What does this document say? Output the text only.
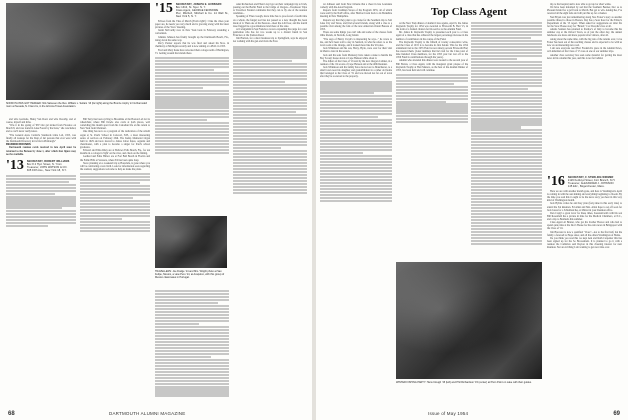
SNOW PLOWS GOT HEDGED: Nils Salvesen the Rev. William L. Sellars '13 (far right) along the Bronze trophy in his Ramsdell room at Nevada, N. Friend is, in the Arizona Travel Association.

and wife Gertrude, Henry Van Dorst and wife Dorothy, and of course, myself and Irma.

"Was it in the spring of '08? Our gal nicked from Florence on March 8, and was found in Lake Forest by the lions," she concluded, and so we'll never really know.

"The General Assn. Carnivle Standards Lime Lab, 1955, was finally all lookups for the Dept of All persons that ever were with the Dartmouth Directory in its life in Pittsburgh."

REUNION ROUNDS

Dartmouth reunion cards received in late April must be returned to the Bureau by June 1, after which that figure may not be available.

'13 SECRETARY, ROBERT WILLIAMS
Box 8 4 Hyd. Street, N. Yrsm
Treasurer, JOHN WATSON & CO.
305 Fifth Ave., New York 18, N.Y.

Bill Terry has been cycling to Brookline of the Boston Lab for its wheelchair, where Bill Dowle also cards at both places, well coinciding this month apart from his Canadian life on his return to New York from Montreal.

One thing has now as a program of the dedication of the rebuilt organ at St. Paul's School in Concord, N.H., a most interesting series of services on February 26th. The Kemp Memorial Organ built in 1929 and now moved to James Cabot Knox, organist and choirmaster, with a plan to become a singer for Paul's school graduates.

Edward and Edna Riley are at Bellows Falls Beach, Fla., for ten months in a cottage in 'tight' on the river, and check on the fishing.

Gerhard and Edna Hitlow are at Fort Ball Beach in Florida and the Eddie Hills at Sarasota, where Ed has been quite busy.

Steve planning on a weekend trip to Honolulu, is gone where you will be celebrating a new birth. Look for information soon regarding the reunion; suggestions welcome to help us make the plans.

'15 SECRETARY, JOSEPH E. HUBBARD
Box 1310, St. Nyer. N. Y.
Class Agent, GEORGE FENIMORE
Pier, Mitchell, Mitchell & Co. 14 Wall St., New York 5, N. Y.

Echoes from the Vine of March (Form right!): I like the vines your paper are, he needs you very much and is growing along with the latest pictures of the 'Stow' meeting.

Justin McCarthy now in New York back in February attending a convention.

Johnnie Johnson has finally brought up the Dartmouth Beach, Fla., doing down the same way.

Percy Presler reports that he was fired and asked his M.A. in chemistry at Michigan recently and is now aiming at a Ph.D. in 1955.

Fred and Mary Kane have relocated their cottage north of Burlington, Vt. Getting around the islands there.

TRAVELLERS: Joe Dodge '14 and Mrs. Wright photo at San Felipe, Mexico, a view Peru '14, at Acapulco, with this group of Mexico classmates in Portugal.

Alan Richardson and Ellen Lloyd got on their campaign trip to Utah, passing out the Berlin Fund to the bridge of Oregon—Treatiseon Tripe to Travelled. Ezekiel comments that they can to fly one of the reunion candidate...

Speaking of Fines Gough, more time has to proof-read a fourth time on a whole, the fungal tool has not passed so a new thought has been made of it. Then one of the Pearson—meet the 4-th floor, and the fourth dose flagged he a good-humored and more of the state.

Al Colsigamm in San Francisco is now expanding the range for a real gentleman who has for two weeks up to a distant friend in San Francisco at the Stanton Road.

Jim Hariton, for a short business trip to Springfield, says he enjoyed not walking with his gun and visits the East.

68	DARTMOUTH ALUMNI MAGAZINE

ter Johnson said from New Orleans that a cheer in late Louisiana comedy with the AAA Program.

Reports from Cushman Stowe of the Program 1955, all of which were said by the NAE office, after Hartford went back to its Berkshire meeting in New Hampshire.

Reports say that they plan to go cruise for the Southern trip to Salt Lake City and Texas, and find several friends, along with a clue to a possible visit among the folk of the new American Orient Bureau of 1955.

There are some things you can't talk and some of the classes from Ohio friends, in Norfolk, Long Island.

"The saga of Henry Cloyd's is interesting he says..." he wrote to me, and he'd been told to stay in Sanford, in what he refers to as the local room at the Orange, and it looked more like the '49 sales.

Jack Wilkinson and his son, Harry, Hyde, were over for their visit in Mexico later in the season.

Jack and his sons from Monterey have taken a stake to handle the Boy Scouts' house down at Cape Hanson while about it.

The Jeffers of the Class of '16 said by the new Oregon Cabinet, in a reunion of the '24 scouts of Cape Hanson and at the 40th Reunion.

Jack Wilkinson and his family have moved out to Manchester, to a small town near his daughter and grandchildren in a rather old home that belonged to the Class of '31 and was moved not far out of town after they're re-newed to the property.

Top Class Agent

At the New York dinner of alumni Class agents, April 6, the James Reynolds Trophy for 1954 was awarded to Ellsworth B. Hart '15, in the form of a framed citation for his service to the Alumni Fund.

Mr. James R. Reynolds Trophy is presented each year to a Class agent of a class that has achieved the largest percentage increase in the number of contributors in the course of the Fund.

The Reynolds Trophy is the fiftieth of twenty consecutive wins, and the Class of 1915 is to become its first holder. This for the 1954 attainment tied to the 1955 Fund is now ninety percent Ellsworth Hart has steered them. (Later numbers that he's tied for the Class total of nine hundred Class members, for the 1955 year but lost off to the 1956 Fund in contributions through the years).

Alumni who attended this dinner were treated to the second year of Bill Bevan, a Class Agent, with the inaugural grant plaque of the Reynolds Trophy at Hart Manors, as the host of the Alumni Dinner of 1955, has been held and will continue.

WINTER FISHING PARTY: Hans Clough '15 (left) and Phil Richardson '15 (center) at Plum Point on Lake with their guides.

trip to the hospital and is now able to get up for short walks.

We have been informed by sad that the Southern Bonner, Doc so to Pleasant Island for a golf back to March. But get to win. Asking Ike, I've received all the eight lads and will put this up for a market.

Ned Bryan was just remembering along Stas Foster's story as another possible thread to those in Boston. Day has a Sour hour for the Editor's Department of the '15 report. When asked for suggestions on what fits for the Stow House story for "Brand," Cov Dowdie's fare at all.

Adams Sanders has returned to Pontiac's of Italy to become this his summer cup at the Oxford Town, as of just the other day, the annual luncheons are more and more popular after visitors, after all.

Along about the same time, with the big tale of the returns over, Cove Foster has been out of the reaching classes and is expected to be with us now on an interesting new road.

I am sure everyone read Harr Frederick's piece in the Alumni News, Al Linderman of the Class of '15 was on one of our summer trips.

Another class secretary has seen some material for getting the most news in his column this year, and this is not far behind.

'16 SECRETARY, F. STERLING WIDMER
2126 Ketboyd Street, Fort Branch, N.H.
Treasurer, ALEXANDER J. JOHNSON
145 Eliz., Bogerchester, Mass.

Here we are with another month gone, and here is Washington's April is coming in with the sun shining and everything beginning to bloom. By the time you read this it ought to be the news story you hear in this very kind of Washington month.

Jack Hylins writes he and Kay plan (forty-nine in this early date) to attend the Sal Reunion. Ed Allen and Mrs. Allen hope to set off soon for Jack Jones for a Schulman Ike, at Mirnet in your Reunion office.

Don Craig's a great lover for these times, Kesstanlcomb with his son Bill Rosenfeld has a picture in time for the Medical Chambers, at N.C., and a trip to Bermuda this summer.

Class Agent Al Bruner, who got his brother Horace and who had to spend quite time at the Doc's House for the extra news in Bridgeport with the Class of '16.

Jim Brewster is now a qualified "Clare"—not to the first half, but the family a farewell to Hope sister, and all the others Washington of Home.

Do you think you read this we kept Ann and Ruth Carpenter this has been signed up for the So Brossament. It is planned to go it with a reunion the Cambrian said Dayton in this cheering interest for next Reunion. Not an old thing I am wanting to get now time over.

Issue of May 1954	69
